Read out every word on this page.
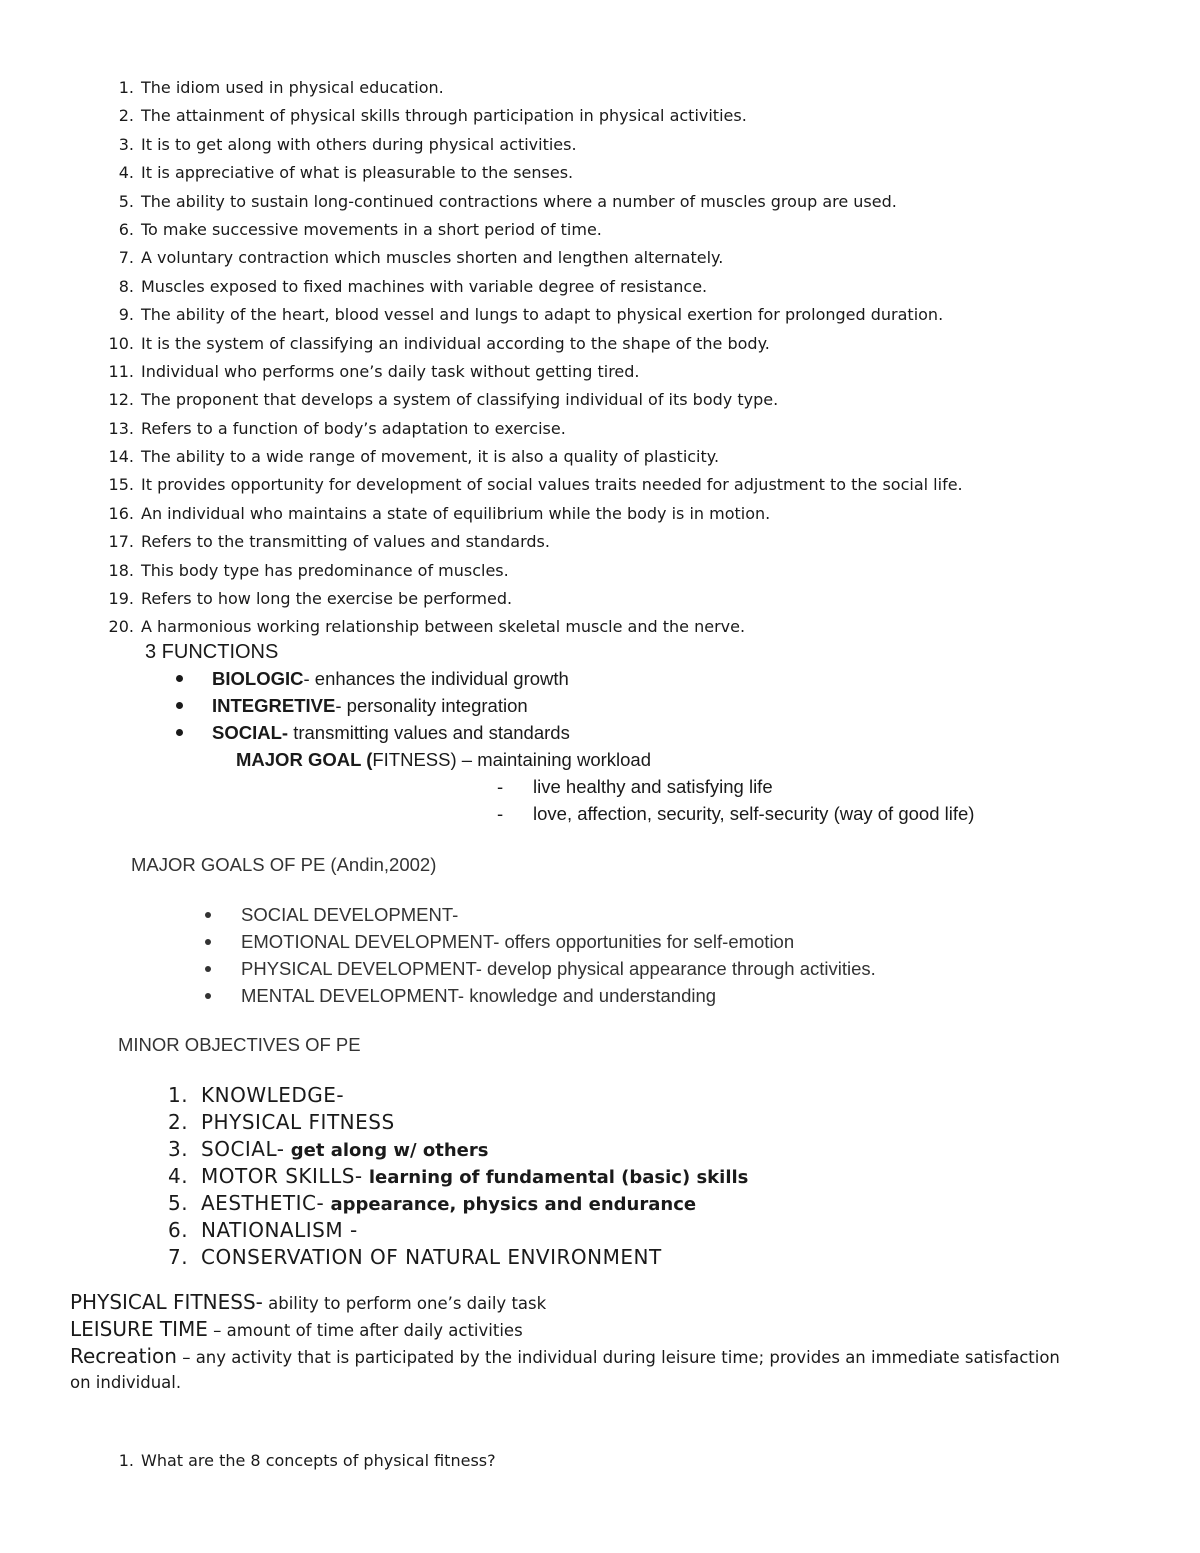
1. The idiom used in physical education.
2. The attainment of physical skills through participation in physical activities.
3. It is to get along with others during physical activities.
4. It is appreciative of what is pleasurable to the senses.
5. The ability to sustain long-continued contractions where a number of muscles group are used.
6. To make successive movements in a short period of time.
7. A voluntary contraction which muscles shorten and lengthen alternately.
8. Muscles exposed to fixed machines with variable degree of resistance.
9. The ability of the heart, blood vessel and lungs to adapt to physical exertion for prolonged duration.
10. It is the system of classifying an individual according to the shape of the body.
11. Individual who performs one’s daily task without getting tired.
12. The proponent that develops a system of classifying individual of its body type.
13. Refers to a function of body’s adaptation to exercise.
14. The ability to a wide range of movement, it is also a quality of plasticity.
15. It provides opportunity for development of social values traits needed for adjustment to the social life.
16. An individual who maintains a state of equilibrium while the body is in motion.
17. Refers to the transmitting of values and standards.
18. This body type has predominance of muscles.
19. Refers to how long the exercise be performed.
20. A harmonious working relationship between skeletal muscle and the nerve.
3 FUNCTIONS
BIOLOGIC- enhances the individual growth
INTEGRETIVE- personality integration
SOCIAL- transmitting values and standards
MAJOR GOAL (FITNESS) – maintaining workload
- live healthy and satisfying life
- love, affection, security, self-security (way of good life)
MAJOR GOALS OF PE (Andin,2002)
SOCIAL DEVELOPMENT-
EMOTIONAL DEVELOPMENT- offers opportunities for self-emotion
PHYSICAL DEVELOPMENT- develop physical appearance through activities.
MENTAL DEVELOPMENT- knowledge and understanding
MINOR OBJECTIVES OF PE
1. KNOWLEDGE-
2. PHYSICAL FITNESS
3. SOCIAL- get along w/ others
4. MOTOR SKILLS- learning of fundamental (basic) skills
5. AESTHETIC- appearance, physics and endurance
6. NATIONALISM -
7. CONSERVATION OF NATURAL ENVIRONMENT
PHYSICAL FITNESS- ability to perform one’s daily task
LEISURE TIME – amount of time after daily activities
Recreation – any activity that is participated by the individual during leisure time; provides an immediate satisfaction
on individual.
1. What are the 8 concepts of physical fitness?
